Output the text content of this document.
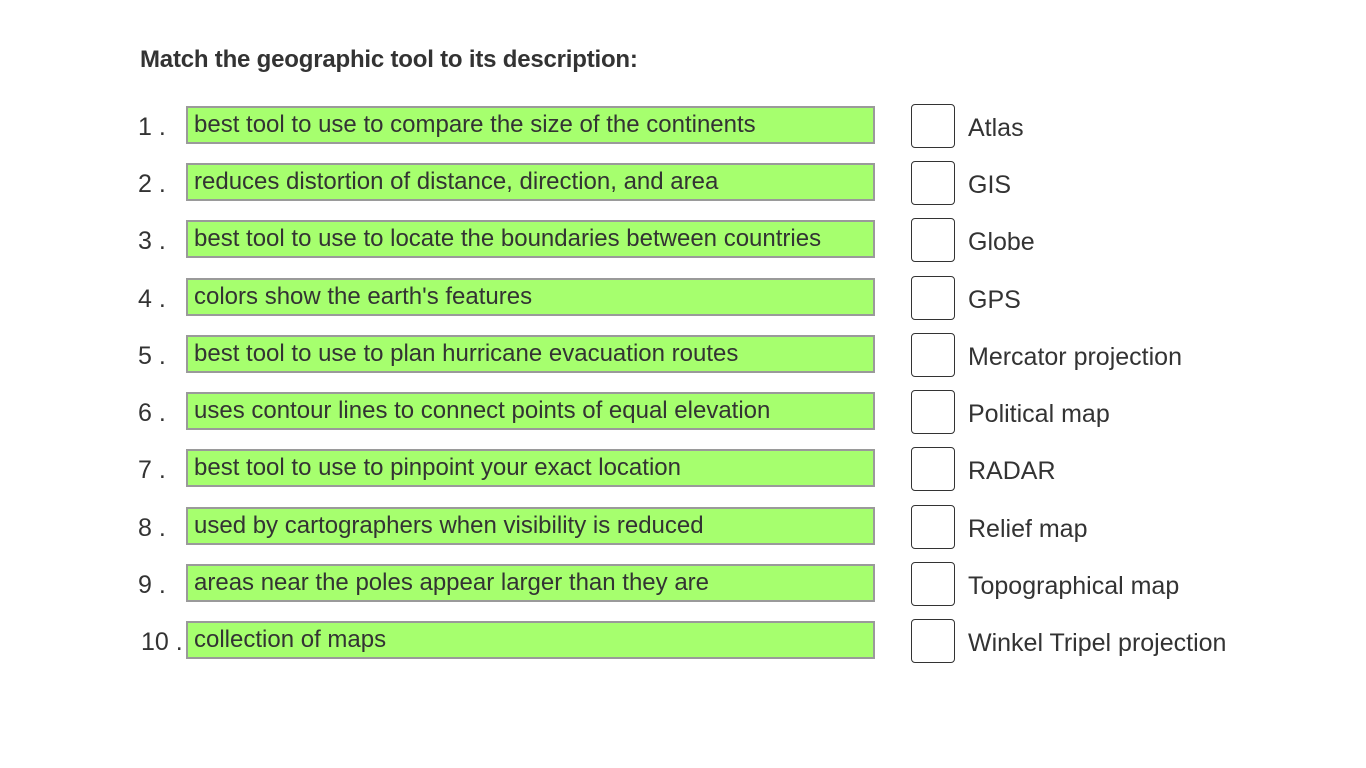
Match the geographic tool to its description:
1 .	best tool to use to compare the size of the continents	Atlas
2 .	reduces distortion of distance, direction, and area	GIS
3 .	best tool to use to locate the boundaries between countries	Globe
4 .	colors show the earth's features	GPS
5 .	best tool to use to plan hurricane evacuation routes	Mercator projection
6 .	uses contour lines to connect points of equal elevation	Political map
7 .	best tool to use to pinpoint your exact location	RADAR
8 .	used by cartographers when visibility is reduced	Relief map
9 .	areas near the poles appear larger than they are	Topographical map
10 . collection of maps	Winkel Tripel projection
